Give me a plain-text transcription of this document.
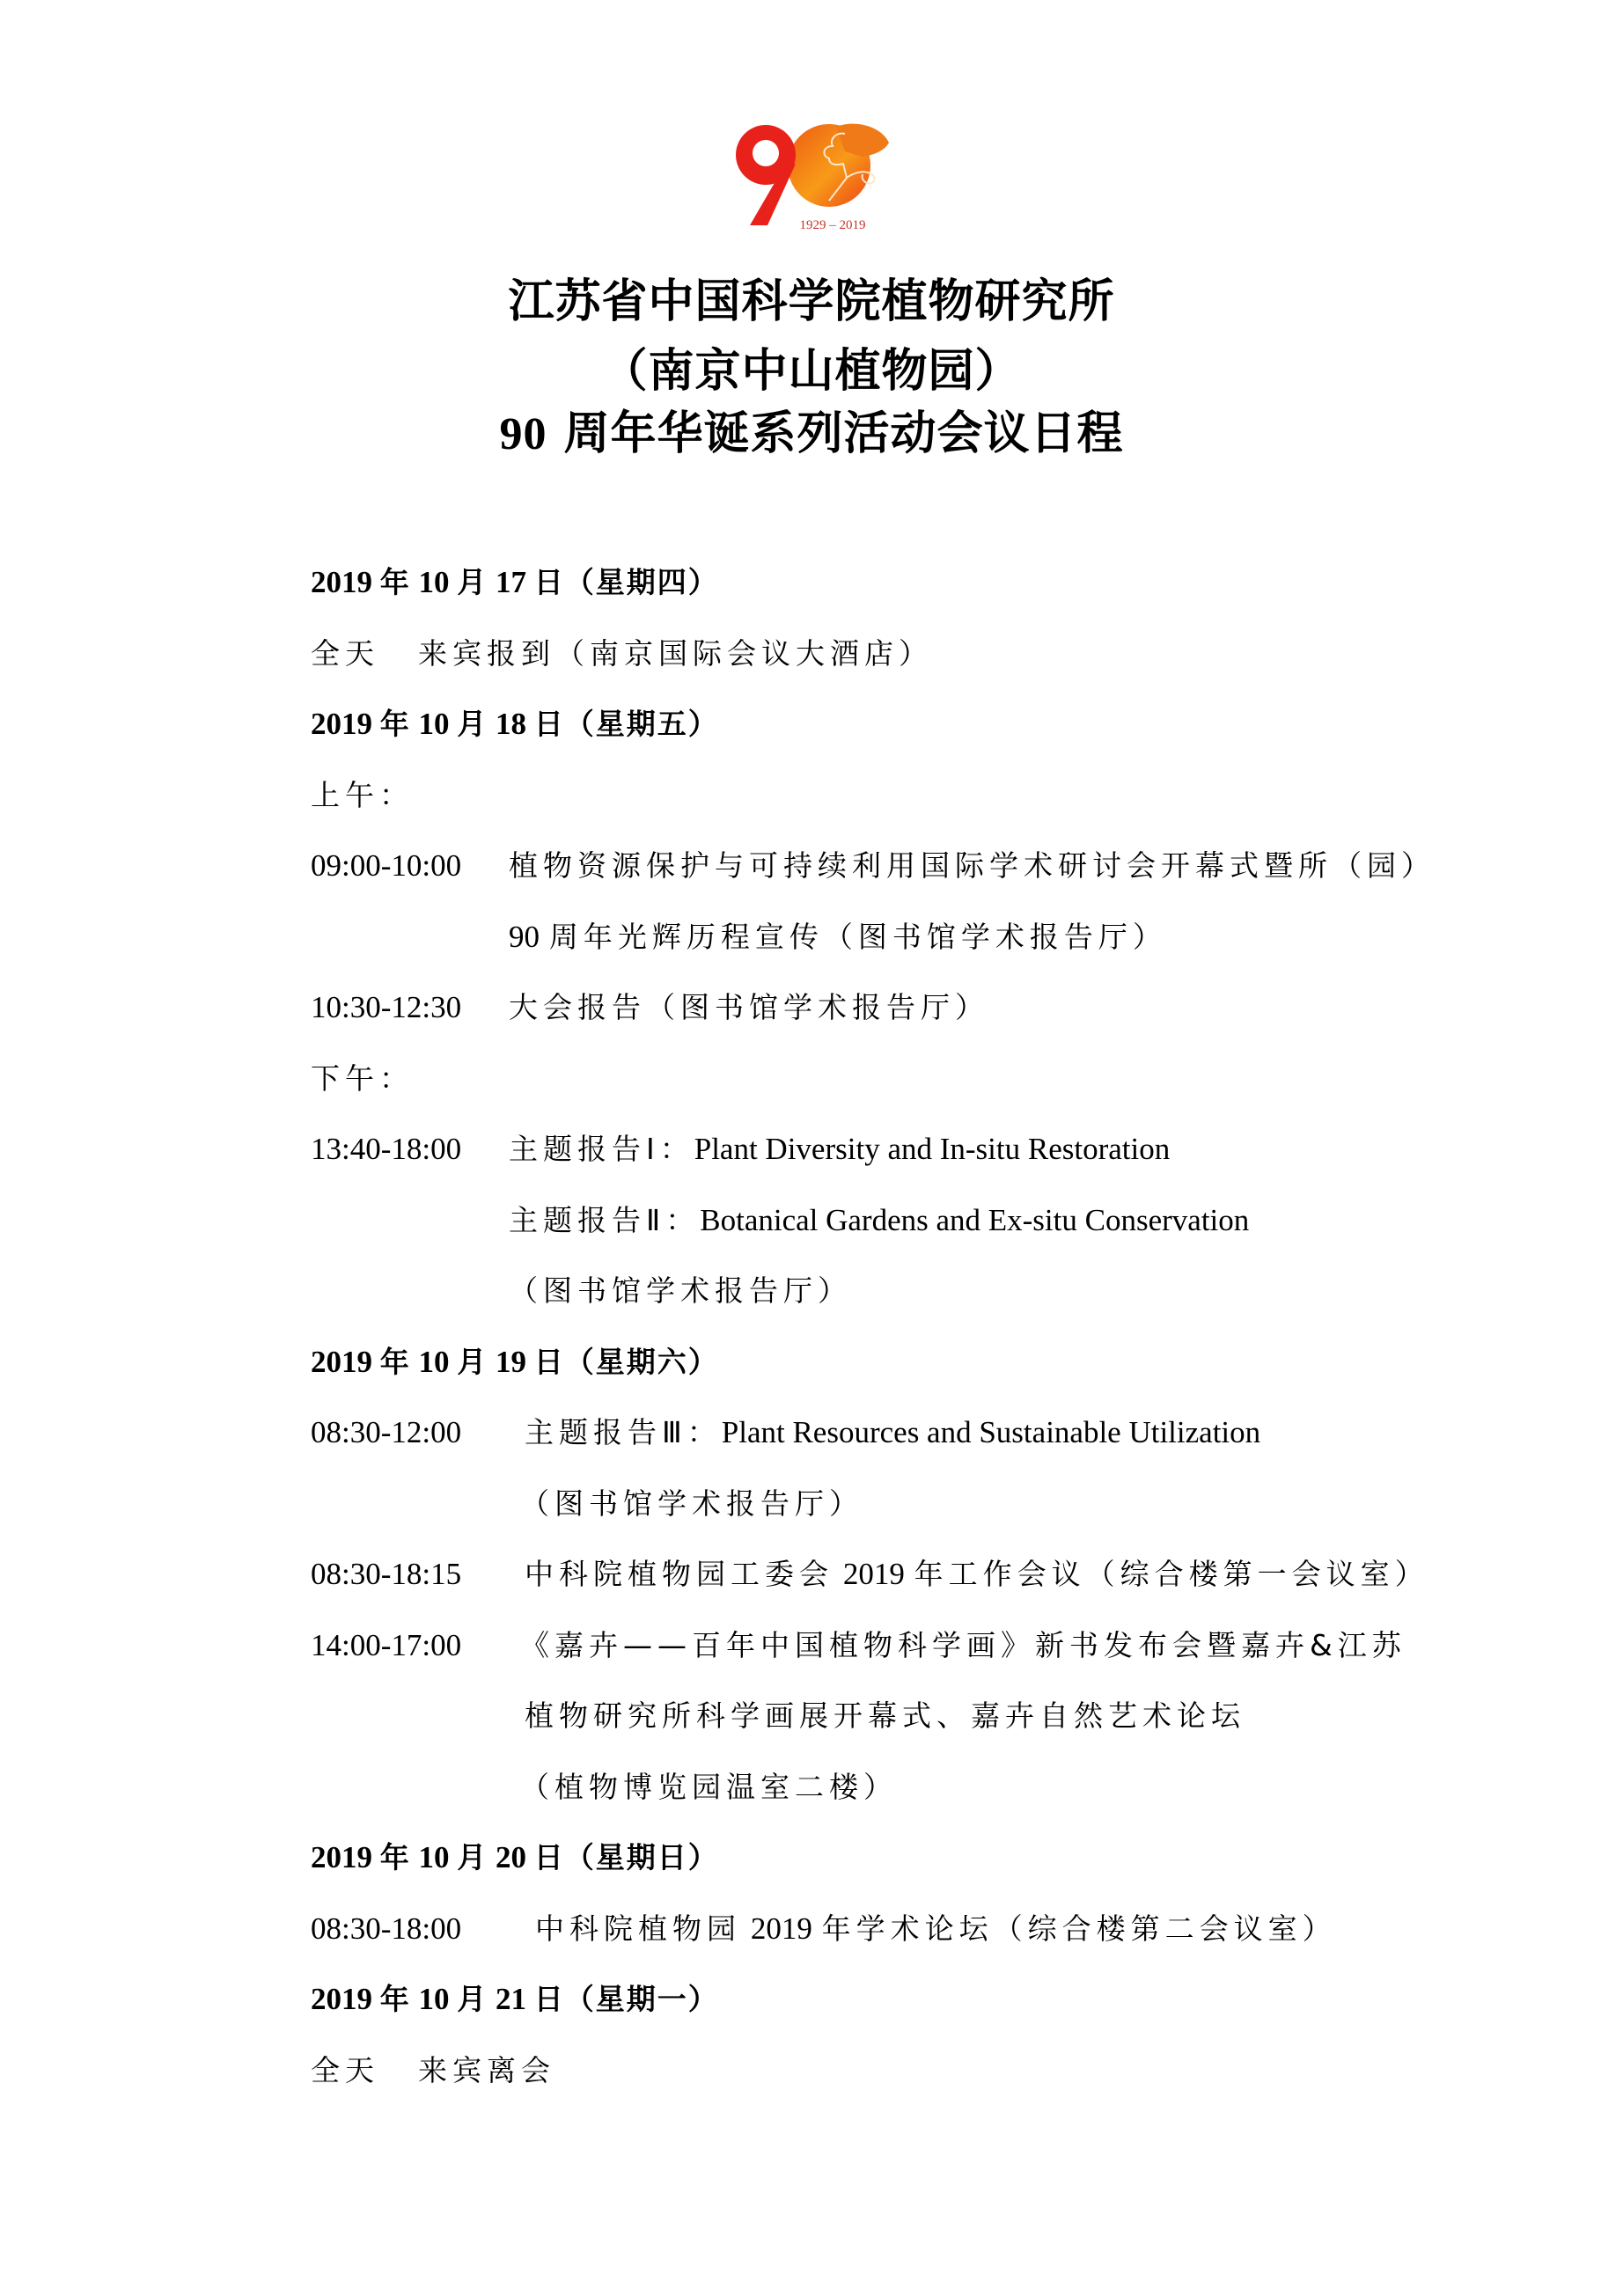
1929 – 2019
江苏省中国科学院植物研究所
（南京中山植物园）
90 周年华诞系列活动会议日程
2019 年 10 月 17 日（星期四）
全天 来宾报到（南京国际会议大酒店）
2019 年 10 月 18 日（星期五）
上午：
09:00-10:00 植物资源保护与可持续利用国际学术研讨会开幕式暨所（园）
90 周年光辉历程宣传（图书馆学术报告厅）
10:30-12:30 大会报告（图书馆学术报告厅）
下午：
13:40-18:00 主题报告Ⅰ：Plant Diversity and In-situ Restoration
主题报告Ⅱ：Botanical Gardens and Ex-situ Conservation
（图书馆学术报告厅）
2019 年 10 月 19 日（星期六）
08:30-12:00 主题报告Ⅲ：Plant Resources and Sustainable Utilization
（图书馆学术报告厅）
08:30-18:15 中科院植物园工委会 2019 年工作会议（综合楼第一会议室）
14:00-17:00 《嘉卉——百年中国植物科学画》新书发布会暨嘉卉&江苏
植物研究所科学画展开幕式、嘉卉自然艺术论坛
（植物博览园温室二楼）
2019 年 10 月 20 日（星期日）
08:30-18:00	中科院植物园 2019 年学术论坛（综合楼第二会议室）
2019 年 10 月 21 日（星期一）
全天 来宾离会
